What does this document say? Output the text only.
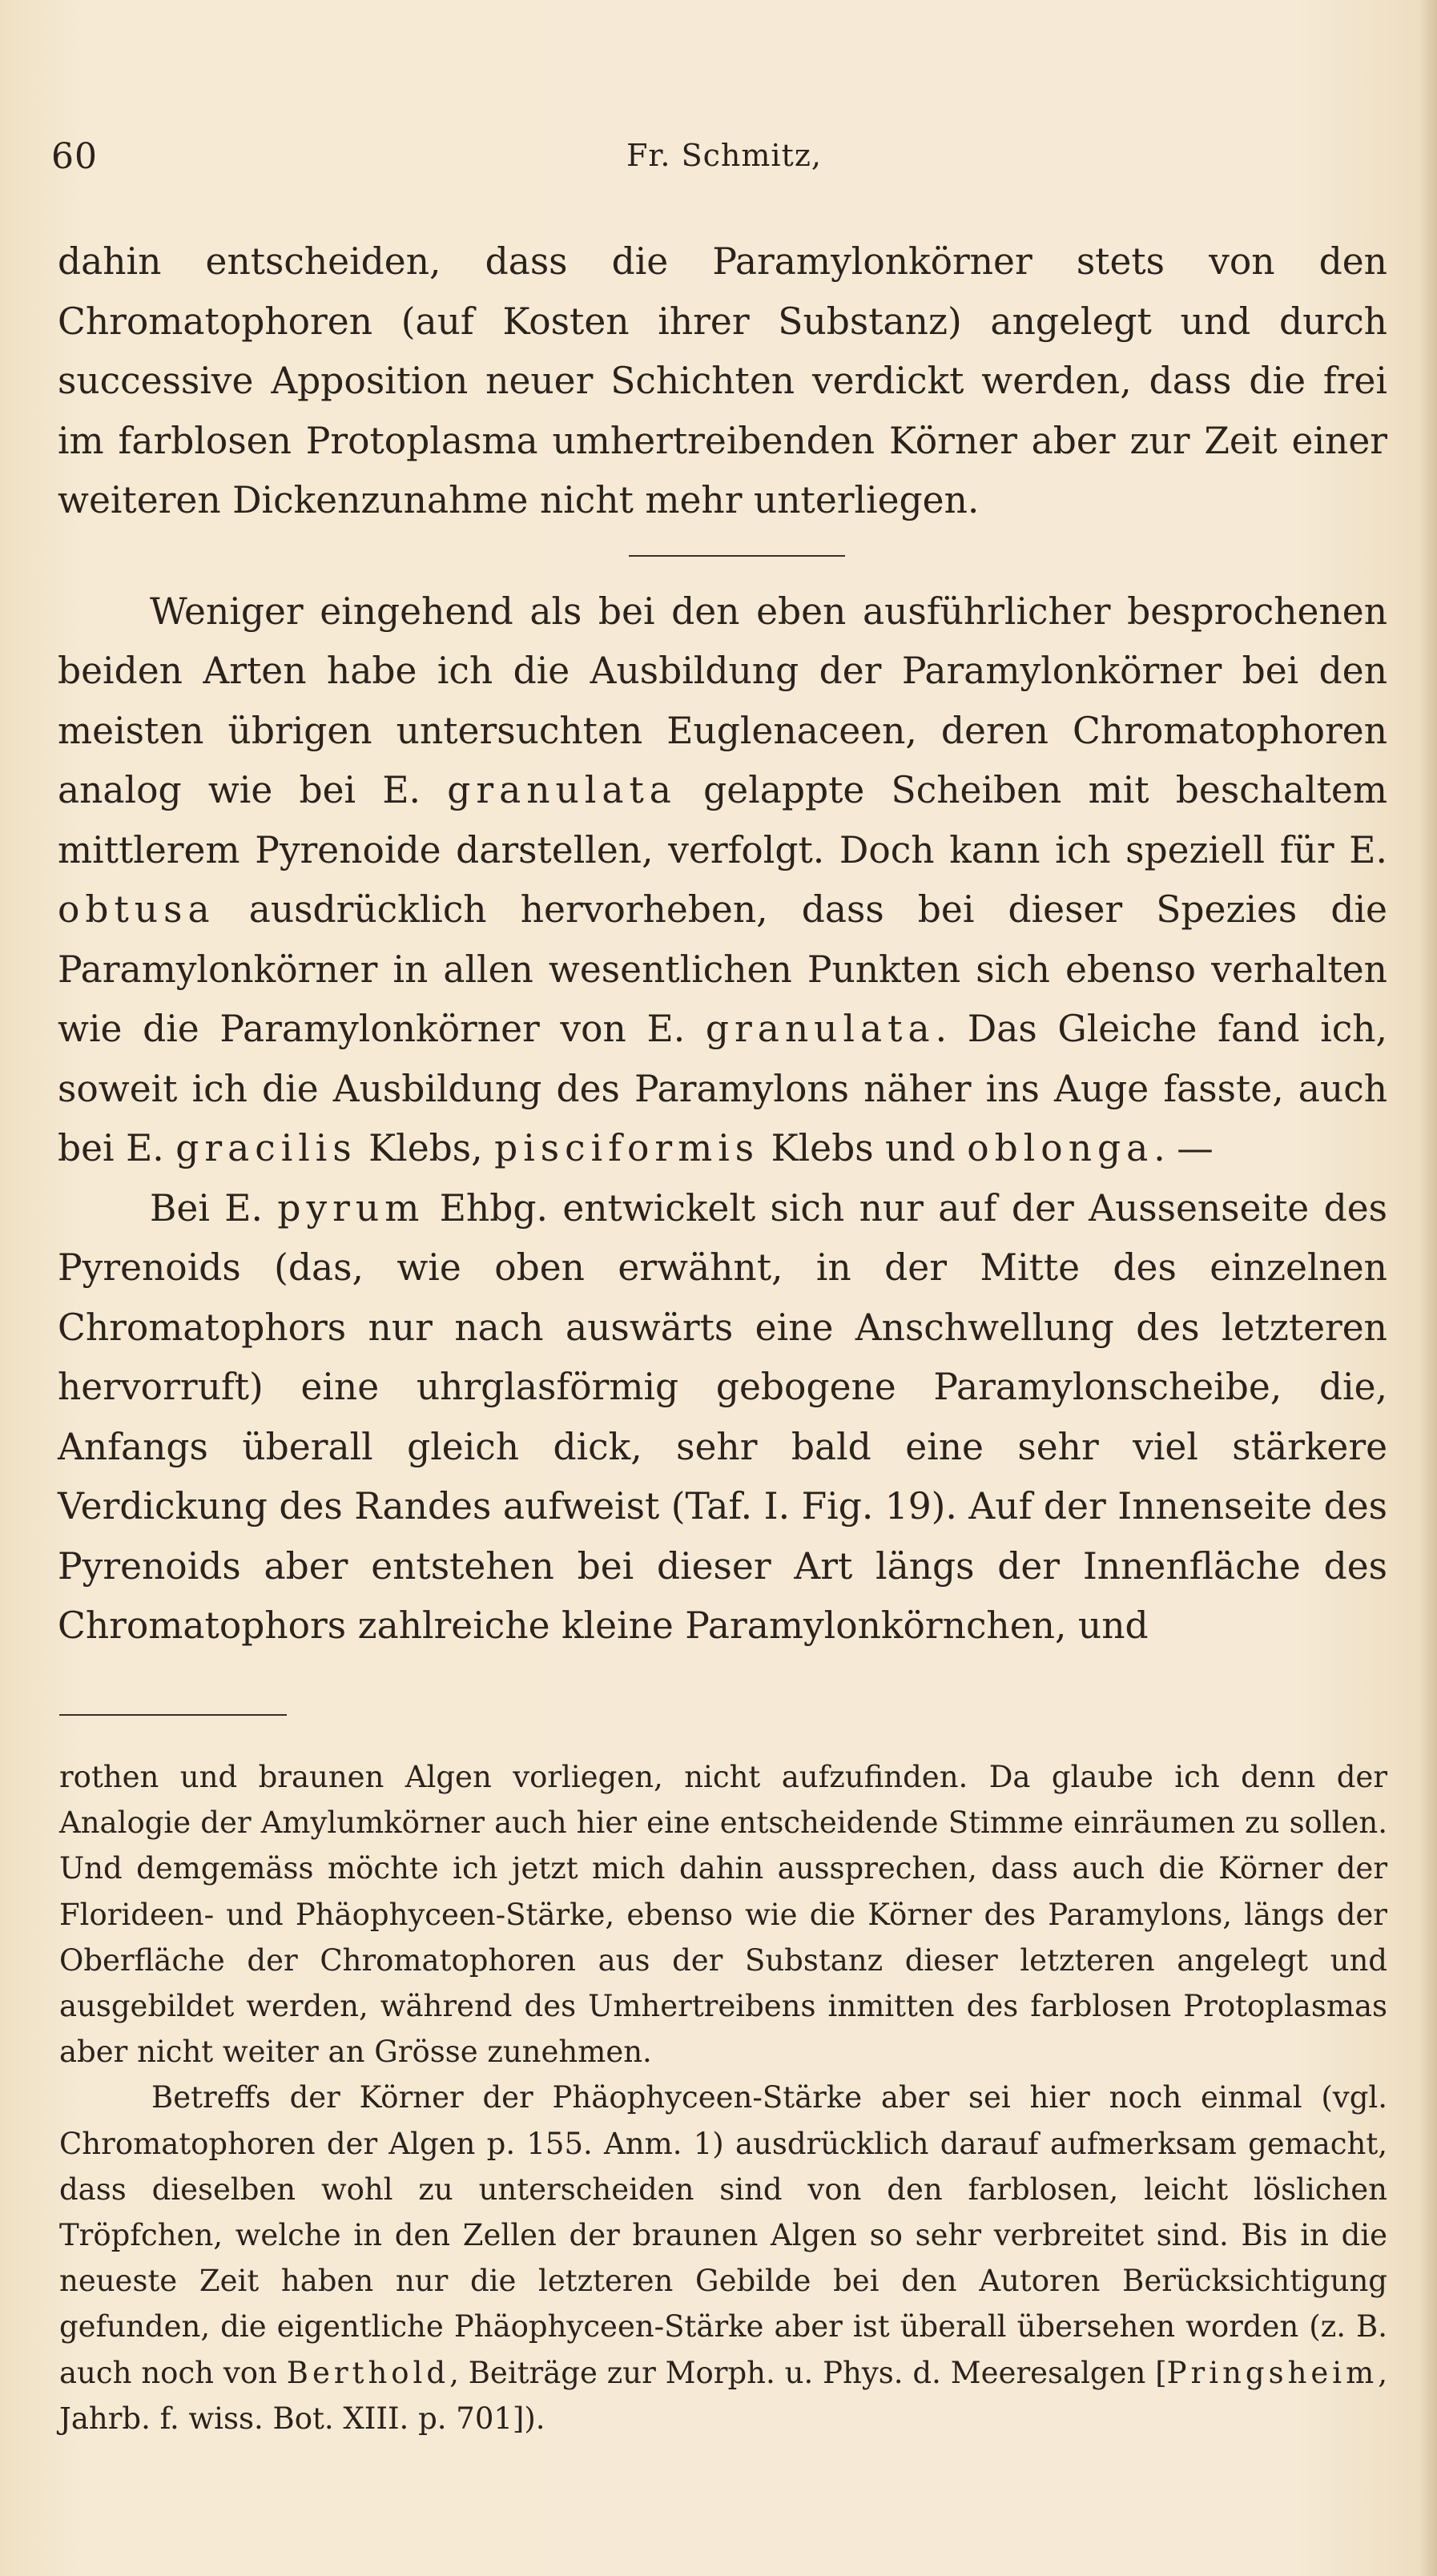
60	Fr. Schmitz,

dahin entscheiden, dass die Paramylonkörner stets von den Chromatophoren (auf Kosten ihrer Substanz) angelegt und durch successive Apposition neuer Schichten verdickt werden, dass die frei im farblosen Protoplasma umhertreibenden Körner aber zur Zeit einer weiteren Dickenzunahme nicht mehr unterliegen.

Weniger eingehend als bei den eben ausführlicher besprochenen beiden Arten habe ich die Ausbildung der Paramylonkörner bei den meisten übrigen untersuchten Euglenaceen, deren Chromatophoren analog wie bei E. granulata gelappte Scheiben mit beschaltem mittlerem Pyrenoide darstellen, verfolgt. Doch kann ich speziell für E. obtusa ausdrücklich hervorheben, dass bei dieser Spezies die Paramylonkörner in allen wesentlichen Punkten sich ebenso verhalten wie die Paramylonkörner von E. granulata. Das Gleiche fand ich, soweit ich die Ausbildung des Paramylons näher ins Auge fasste, auch bei E. gracilis Klebs, pisciformis Klebs und oblonga. —

Bei E. pyrum Ehbg. entwickelt sich nur auf der Aussenseite des Pyrenoids (das, wie oben erwähnt, in der Mitte des einzelnen Chromatophors nur nach auswärts eine Anschwellung des letzteren hervorruft) eine uhrglasförmig gebogene Paramylonscheibe, die, Anfangs überall gleich dick, sehr bald eine sehr viel stärkere Verdickung des Randes aufweist (Taf. I. Fig. 19). Auf der Innenseite des Pyrenoids aber entstehen bei dieser Art längs der Innenfläche des Chromatophors zahlreiche kleine Paramylonkörnchen, und

rothen und braunen Algen vorliegen, nicht aufzufinden. Da glaube ich denn der Analogie der Amylumkörner auch hier eine entscheidende Stimme einräumen zu sollen. Und demgemäss möchte ich jetzt mich dahin aussprechen, dass auch die Körner der Florideen- und Phäophyceen-Stärke, ebenso wie die Körner des Paramylons, längs der Oberfläche der Chromatophoren aus der Substanz dieser letzteren angelegt und ausgebildet werden, während des Umhertreibens inmitten des farblosen Protoplasmas aber nicht weiter an Grösse zunehmen.

Betreffs der Körner der Phäophyceen-Stärke aber sei hier noch einmal (vgl. Chromatophoren der Algen p. 155. Anm. 1) ausdrücklich darauf aufmerksam gemacht, dass dieselben wohl zu unterscheiden sind von den farblosen, leicht löslichen Tröpfchen, welche in den Zellen der braunen Algen so sehr verbreitet sind. Bis in die neueste Zeit haben nur die letzteren Gebilde bei den Autoren Berücksichtigung gefunden, die eigentliche Phäophyceen-Stärke aber ist überall übersehen worden (z. B. auch noch von Berthold, Beiträge zur Morph. u. Phys. d. Meeresalgen [Pringsheim, Jahrb. f. wiss. Bot. XIII. p. 701]).
